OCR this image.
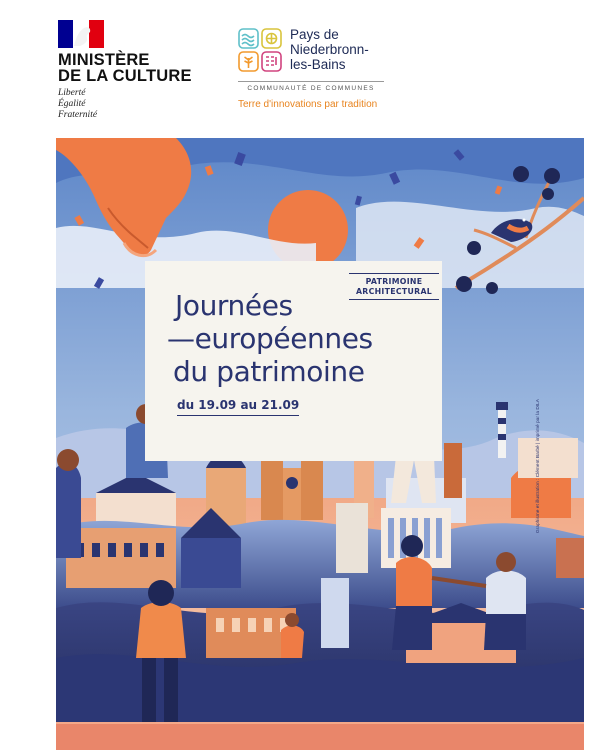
MINISTÈRE
DE LA CULTURE
Liberté
Égalité
Fraternité
Pays de
Niederbronn-
les-Bains
COMMUNAUTÉ DE COMMUNES
Terre d'innovations par tradition
PATRIMOINE
ARCHITECTURAL
Journées
—européennes
du patrimoine
du 19.09 au 21.09	Graphisme et illustration : Clément Barbé | imprimé par la DILA
